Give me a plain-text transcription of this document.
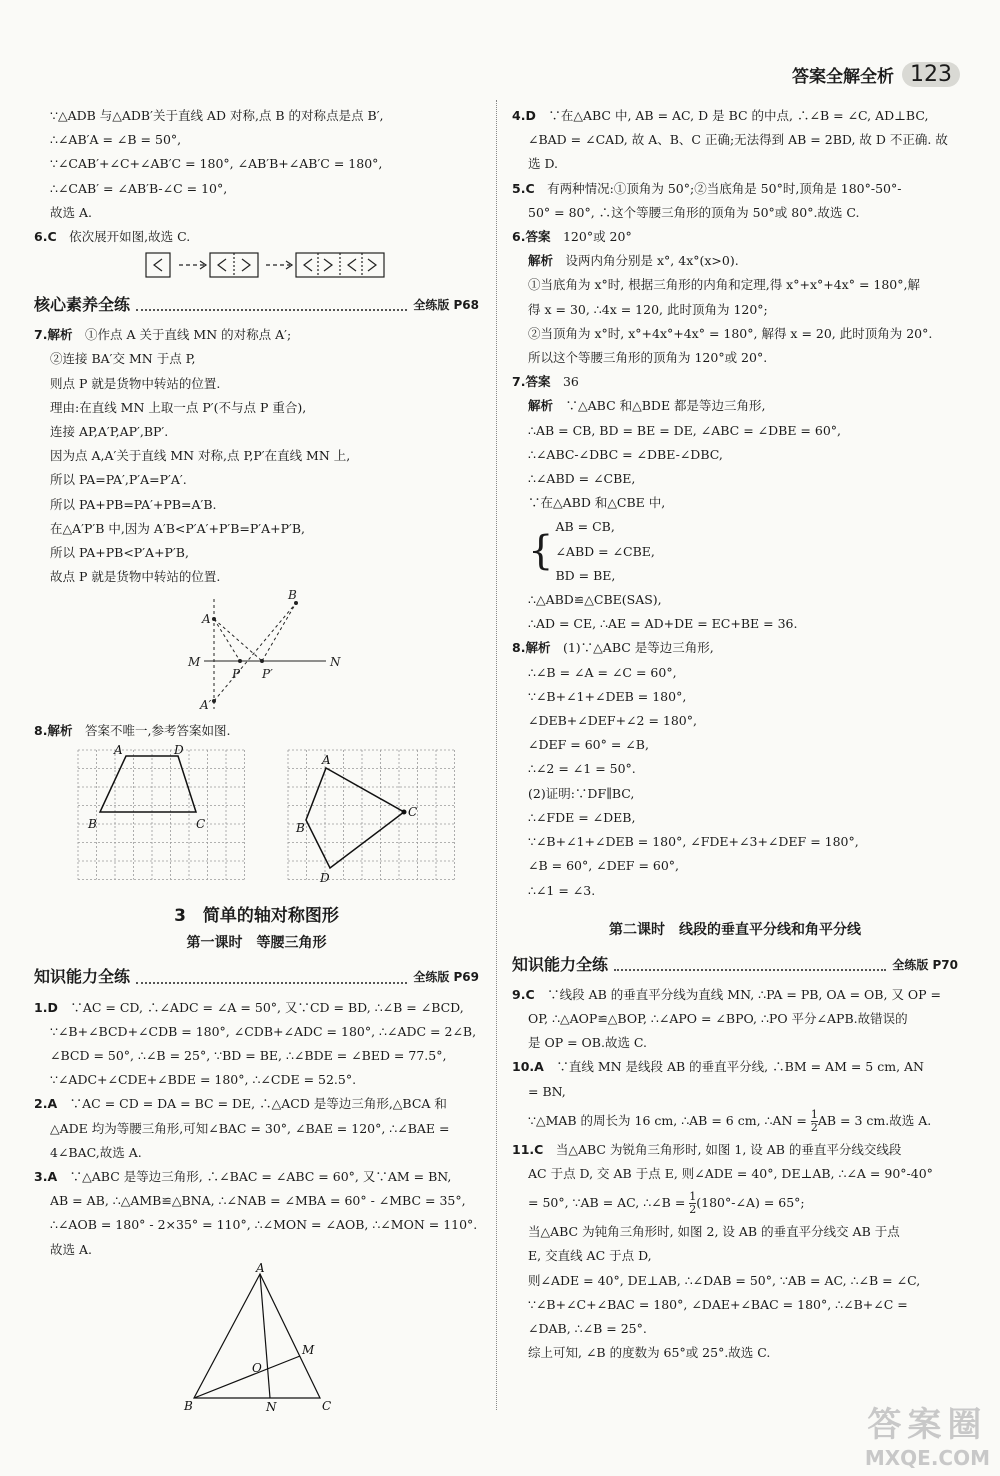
答案全解全析 123

∵△ADB 与△ADB′关于直线 AD 对称,点 B 的对称点是点 B′,

∴∠AB′A = ∠B = 50°,

∵∠CAB′+∠C+∠AB′C = 180°, ∠AB′B+∠AB′C = 180°,

∴∠CAB′ = ∠AB′B-∠C = 10°,

故选 A.

6.C　 依次展开如图,故选 C.

核心素养全练	全练版 P68

7.解析　 ①作点 A 关于直线 MN 的对称点 A′;

②连接 BA′交 MN 于点 P,

则点 P 就是货物中转站的位置.

理由:在直线 MN 上取一点 P′(不与点 P 重合),

连接 AP,A′P,AP′,BP′.

因为点 A,A′关于直线 MN 对称,点 P,P′在直线 MN 上,

所以 PA=PA′,P′A=P′A′.

所以 PA+PB=PA′+PB=A′B.

在△A′P′B 中,因为 A′B<P′A′+P′B=P′A+P′B,

所以 PA+PB<P′A+P′B,

故点 P 就是货物中转站的位置.

A
B
M	N
P P′
A′

8.解析　 答案不唯一,参考答案如图.

A	D
B	C
A
B
C
D
3　简单的轴对称图形
第一课时　等腰三角形
知识能力全练	全练版 P69

1.D　 ∵AC = CD, ∴∠ADC = ∠A = 50°, 又∵CD = BD, ∴∠B = ∠BCD,

∵∠B+∠BCD+∠CDB = 180°, ∠CDB+∠ADC = 180°, ∴∠ADC = 2∠B,

∠BCD = 50°, ∴∠B = 25°, ∵BD = BE, ∴∠BDE = ∠BED = 77.5°,

∵∠ADC+∠CDE+∠BDE = 180°, ∴∠CDE = 52.5°.

2.A　 ∵AC = CD = DA = BC = DE, ∴△ACD 是等边三角形,△BCA 和

△ADE 均为等腰三角形,可知∠BAC = 30°, ∠BAE = 120°, ∴∠BAE =

4∠BAC,故选 A.

3.A　 ∵△ABC 是等边三角形, ∴∠BAC = ∠ABC = 60°, 又∵AM = BN,

AB = AB, ∴△AMB≌△BNA, ∴∠NAB = ∠MBA = 60° - ∠MBC = 35°,

∴∠AOB = 180° - 2×35° = 110°, ∴∠MON = ∠AOB, ∴∠MON = 110°.

故选 A.

A
B	C
M
N
O

4.D　 ∵在△ABC 中, AB = AC, D 是 BC 的中点, ∴∠B = ∠C, AD⊥BC,

∠BAD = ∠CAD, 故 A、B、C 正确;无法得到 AB = 2BD, 故 D 不正确. 故

选 D.

5.C　 有两种情况:①顶角为 50°;②当底角是 50°时,顶角是 180°-50°-

50° = 80°, ∴这个等腰三角形的顶角为 50°或 80°.故选 C.

6.答案　 120°或 20°

解析　 设两内角分别是 x°, 4x°(x>0).

①当底角为 x°时, 根据三角形的内角和定理,得 x°+x°+4x° = 180°,解

得 x = 30, ∴4x = 120, 此时顶角为 120°;

②当顶角为 x°时, x°+4x°+4x° = 180°, 解得 x = 20, 此时顶角为 20°.

所以这个等腰三角形的顶角为 120°或 20°.

7.答案　 36

解析　 ∵△ABC 和△BDE 都是等边三角形,

∴AB = CB, BD = BE = DE, ∠ABC = ∠DBE = 60°,

∴∠ABC-∠DBC = ∠DBE-∠DBC,

∴∠ABD = ∠CBE,

∵在△ABD 和△CBE 中,

{

AB = CB,

∠ABD = ∠CBE,

BD = BE,

∴△ABD≌△CBE(SAS),

∴AD = CE, ∴AE = AD+DE = EC+BE = 36.

8.解析　 (1)∵△ABC 是等边三角形,

∴∠B = ∠A = ∠C = 60°,

∵∠B+∠1+∠DEB = 180°,

∠DEB+∠DEF+∠2 = 180°,

∠DEF = 60° = ∠B,

∴∠2 = ∠1 = 50°.

(2)证明:∵DF∥BC,

∴∠FDE = ∠DEB,

∵∠B+∠1+∠DEB = 180°, ∠FDE+∠3+∠DEF = 180°,

∠B = 60°, ∠DEF = 60°,

∴∠1 = ∠3.

第二课时　线段的垂直平分线和角平分线
知识能力全练	全练版 P70

9.C　 ∵线段 AB 的垂直平分线为直线 MN, ∴PA = PB, OA = OB, 又 OP =

OP, ∴△AOP≌△BOP, ∴∠APO = ∠BPO, ∴PO 平分∠APB.故错误的

是 OP = OB.故选 C.

10.A　 ∵直线 MN 是线段 AB 的垂直平分线, ∴BM = AM = 5 cm, AN

= BN,

∵△MAB 的周长为 16 cm, ∴AB = 6 cm, ∴AN = $\frac{1}{2}$ AB = 3 cm.故选 A.

11.C　 当△ABC 为锐角三角形时, 如图 1, 设 AB 的垂直平分线交线段

AC 于点 D, 交 AB 于点 E, 则∠ADE = 40°, DE⊥AB, ∴∠A = 90°-40°

= 50°, ∵AB = AC, ∴∠B = $\frac{1}{2}$ (180°-∠A) = 65°;

当△ABC 为钝角三角形时, 如图 2, 设 AB 的垂直平分线交 AB 于点

E, 交直线 AC 于点 D,

则∠ADE = 40°, DE⊥AB, ∴∠DAB = 50°, ∵AB = AC, ∴∠B = ∠C,

∵∠B+∠C+∠BAC = 180°, ∠DAE+∠BAC = 180°, ∴∠B+∠C =

∠DAB, ∴∠B = 25°.

综上可知, ∠B 的度数为 65°或 25°.故选 C.

答案圈
MXQE.COM
